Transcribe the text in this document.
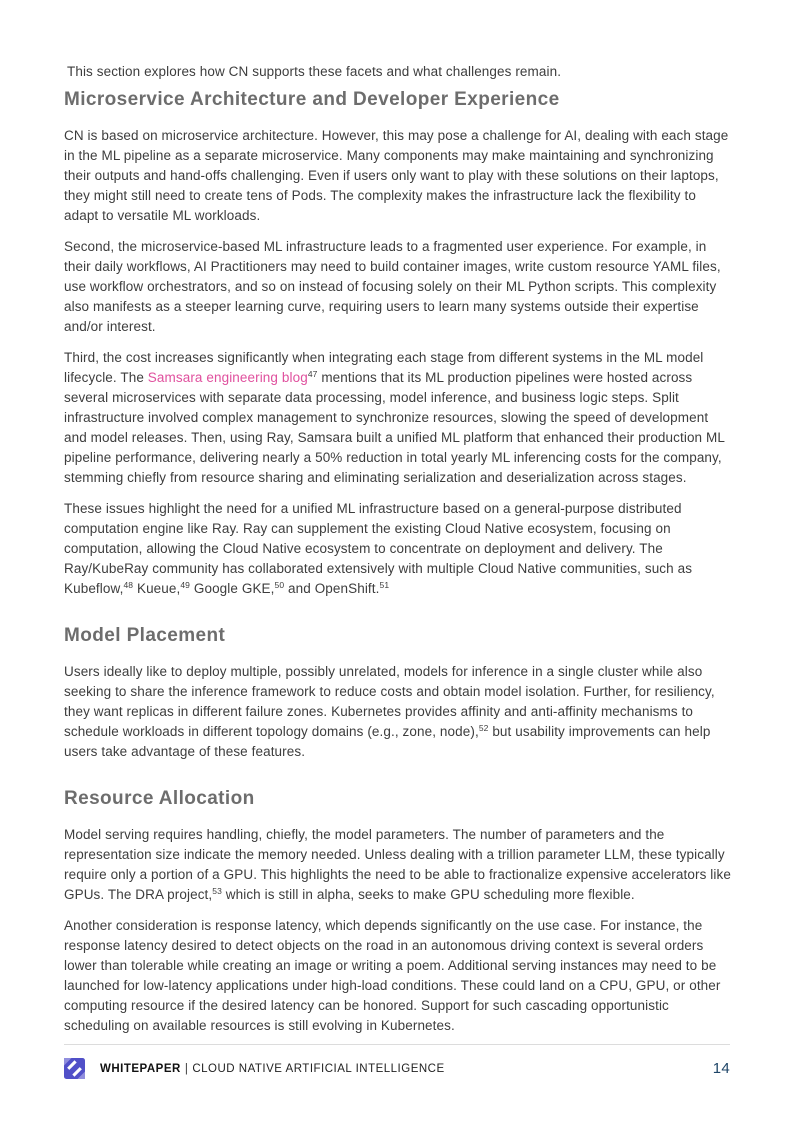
This section explores how CN supports these facets and what challenges remain.

Microservice Architecture and Developer Experience

CN is based on microservice architecture. However, this may pose a challenge for AI, dealing with each stage in the ML pipeline as a separate microservice. Many components may make maintaining and synchronizing their outputs and hand-offs challenging. Even if users only want to play with these solutions on their laptops, they might still need to create tens of Pods. The complexity makes the infrastructure lack the flexibility to adapt to versatile ML workloads.

Second, the microservice-based ML infrastructure leads to a fragmented user experience. For example, in their daily workflows, AI Practitioners may need to build container images, write custom resource YAML files, use workflow orchestrators, and so on instead of focusing solely on their ML Python scripts. This complexity also manifests as a steeper learning curve, requiring users to learn many systems outside their expertise and/or interest.

Third, the cost increases significantly when integrating each stage from different systems in the ML model lifecycle. The Samsara engineering blog$^{47}$ mentions that its ML production pipelines were hosted across several microservices with separate data processing, model inference, and business logic steps. Split infrastructure involved complex management to synchronize resources, slowing the speed of development and model releases. Then, using Ray, Samsara built a unified ML platform that enhanced their production ML pipeline performance, delivering nearly a 50% reduction in total yearly ML inferencing costs for the company, stemming chiefly from resource sharing and eliminating serialization and deserialization across stages.

These issues highlight the need for a unified ML infrastructure based on a general-purpose distributed computation engine like Ray. Ray can supplement the existing Cloud Native ecosystem, focusing on computation, allowing the Cloud Native ecosystem to concentrate on deployment and delivery. The Ray/KubeRay community has collaborated extensively with multiple Cloud Native communities, such as Kubeflow,$^{48}$ Kueue,$^{49}$ Google GKE,$^{50}$ and OpenShift.$^{51}$

Model Placement

Users ideally like to deploy multiple, possibly unrelated, models for inference in a single cluster while also seeking to share the inference framework to reduce costs and obtain model isolation. Further, for resiliency, they want replicas in different failure zones. Kubernetes provides affinity and anti-affinity mechanisms to schedule workloads in different topology domains (e.g., zone, node),$^{52}$ but usability improvements can help users take advantage of these features.

Resource Allocation

Model serving requires handling, chiefly, the model parameters. The number of parameters and the representation size indicate the memory needed. Unless dealing with a trillion parameter LLM, these typically require only a portion of a GPU. This highlights the need to be able to fractionalize expensive accelerators like GPUs. The DRA project,$^{53}$ which is still in alpha, seeks to make GPU scheduling more flexible.

Another consideration is response latency, which depends significantly on the use case. For instance, the response latency desired to detect objects on the road in an autonomous driving context is several orders lower than tolerable while creating an image or writing a poem. Additional serving instances may need to be launched for low-latency applications under high-load conditions. These could land on a CPU, GPU, or other computing resource if the desired latency can be honored. Support for such cascading opportunistic scheduling on available resources is still evolving in Kubernetes.

WHITEPAPER | CLOUD NATIVE ARTIFICIAL INTELLIGENCE	14
